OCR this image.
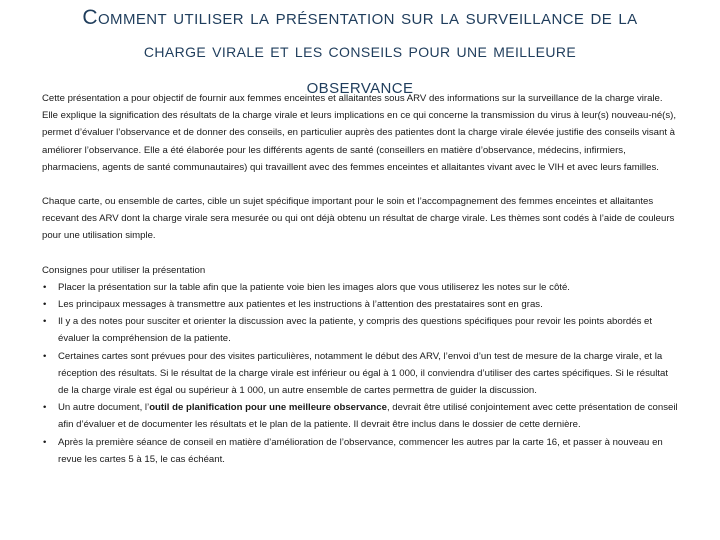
Comment utiliser la présentation sur la surveillance de la
charge virale et les conseils pour une meilleure
observance

Cette présentation a pour objectif de fournir aux femmes enceintes et allaitantes sous ARV des informations sur la surveillance de la charge virale. Elle explique la signification des résultats de la charge virale et leurs implications en ce qui concerne la transmission du virus à leur(s) nouveau-né(s), permet d’évaluer l’observance et de donner des conseils, en particulier auprès des patientes dont la charge virale élevée justifie des conseils visant à améliorer l’observance. Elle a été élaborée pour les différents agents de santé (conseillers en matière d’observance, médecins, infirmiers, pharmaciens, agents de santé communautaires) qui travaillent avec des femmes enceintes et allaitantes vivant avec le VIH et avec leurs familles.

Chaque carte, ou ensemble de cartes, cible un sujet spécifique important pour le soin et l’accompagnement des femmes enceintes et allaitantes recevant des ARV dont la charge virale sera mesurée ou qui ont déjà obtenu un résultat de charge virale. Les thèmes sont codés à l’aide de couleurs pour une utilisation simple.

Consignes pour utiliser la présentation
• Placer la présentation sur la table afin que la patiente voie bien les images alors que vous utiliserez les notes sur le côté.
• Les principaux messages à transmettre aux patientes et les instructions à l’attention des prestataires sont en gras.
• Il y a des notes pour susciter et orienter la discussion avec la patiente, y compris des questions spécifiques pour revoir les points abordés et évaluer la compréhension de la patiente.
• Certaines cartes sont prévues pour des visites particulières, notamment le début des ARV, l’envoi d’un test de mesure de la charge virale, et la réception des résultats. Si le résultat de la charge virale est inférieur ou égal à 1 000, il conviendra d’utiliser des cartes spécifiques. Si le résultat de la charge virale est égal ou supérieur à 1 000, un autre ensemble de cartes permettra de guider la discussion.
• Un autre document, l’outil de planification pour une meilleure observance, devrait être utilisé conjointement avec cette présentation de conseil afin d’évaluer et de documenter les résultats et le plan de la patiente. Il devrait être inclus dans le dossier de cette dernière.
• Après la première séance de conseil en matière d’amélioration de l’observance, commencer les autres par la carte 16, et passer à nouveau en revue les cartes 5 à 15, le cas échéant.
